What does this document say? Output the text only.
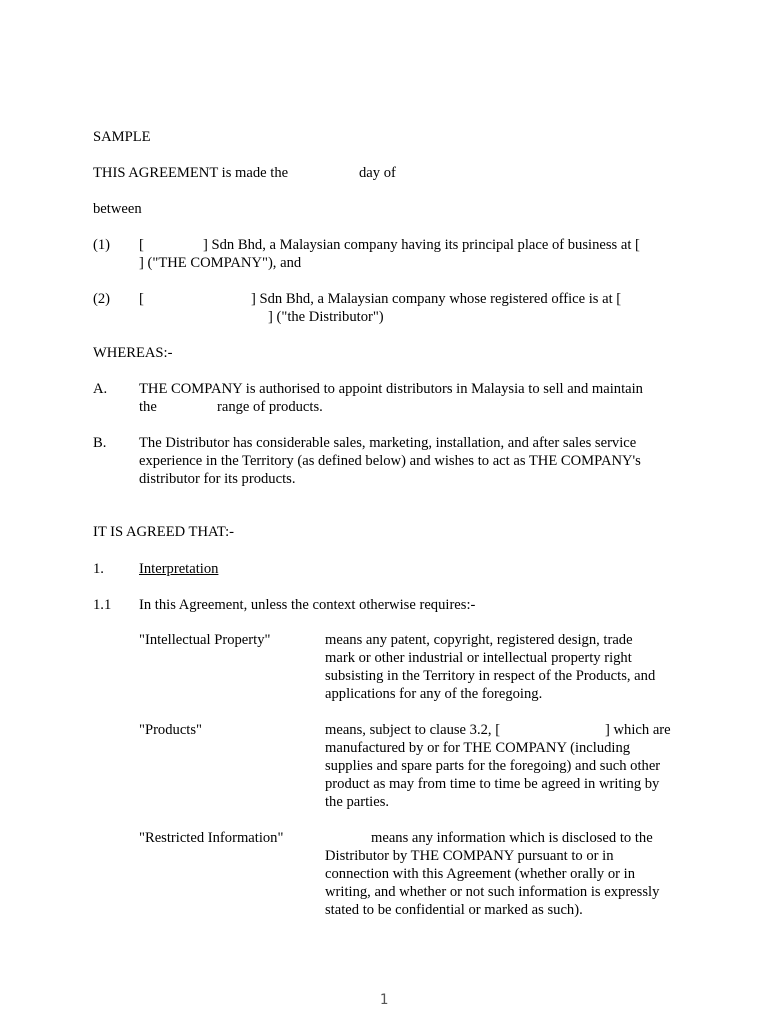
SAMPLE
THIS AGREEMENT is made the	day of
between
(1) [	] Sdn Bhd, a Malaysian company having its principal place of business at [
] ("THE COMPANY"), and
(2) [	] Sdn Bhd, a Malaysian company whose registered office is at [
] ("the Distributor")
WHEREAS:-
A. THE COMPANY is authorised to appoint distributors in Malaysia to sell and maintain
the	range of products.
B. The Distributor has considerable sales, marketing, installation, and after sales service
experience in the Territory (as defined below) and wishes to act as THE COMPANY's
distributor for its products.
IT IS AGREED THAT:-
1. Interpretation
1.1 In this Agreement, unless the context otherwise requires:-
"Intellectual Property"	means any patent, copyright, registered design, trade
mark or other industrial or intellectual property right
subsisting in the Territory in respect of the Products, and
applications for any of the foregoing.
"Products"	means, subject to clause 3.2, [	] which are
manufactured by or for THE COMPANY (including
supplies and spare parts for the foregoing) and such other
product as may from time to time be agreed in writing by
the parties.
"Restricted Information"	means any information which is disclosed to the
Distributor by THE COMPANY pursuant to or in
connection with this Agreement (whether orally or in
writing, and whether or not such information is expressly
stated to be confidential or marked as such).
1
